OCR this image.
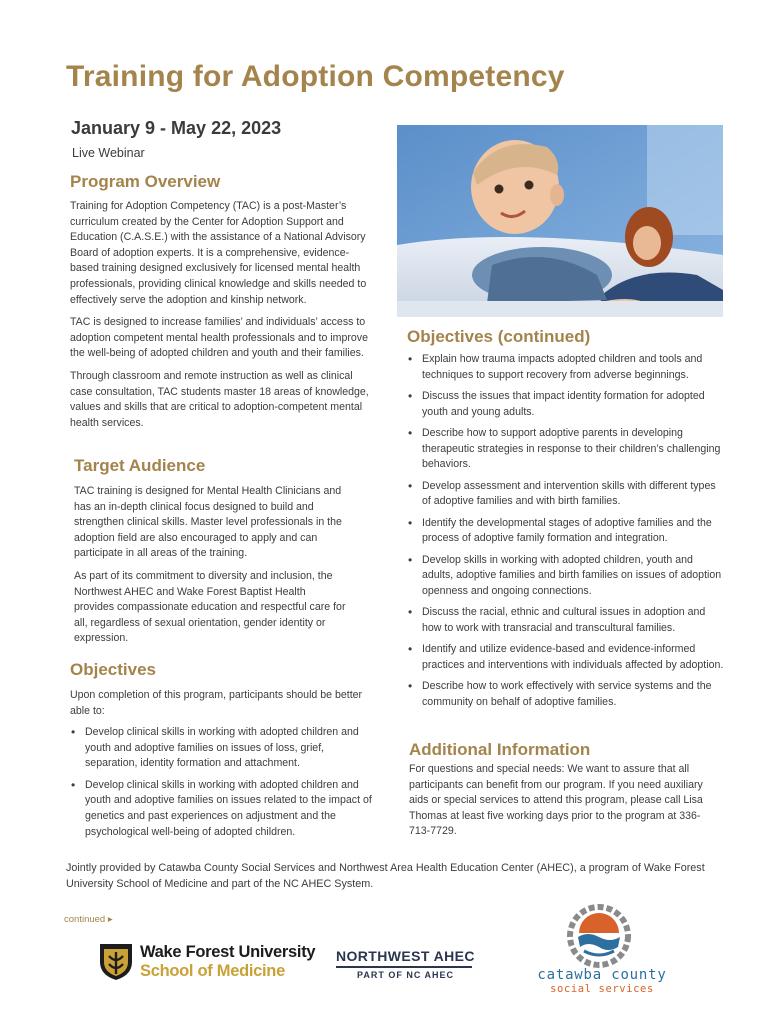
Training for Adoption Competency
January 9 - May 22, 2023
Live Webinar
Program Overview

Training for Adoption Competency (TAC) is a post-Master’s curriculum created by the Center for Adoption Support and Education (C.A.S.E.) with the assistance of a National Advisory Board of adoption experts. It is a comprehensive, evidence-based training designed exclusively for licensed mental health professionals, providing clinical knowledge and skills needed to effectively serve the adoption and kinship network.

TAC is designed to increase families’ and individuals’ access to adoption competent mental health professionals and to improve the well-being of adopted children and youth and their families.

Through classroom and remote instruction as well as clinical case consultation, TAC students master 18 areas of knowledge, values and skills that are critical to adoption-competent mental health services.

Target Audience

TAC training is designed for Mental Health Clinicians and has an in-depth clinical focus designed to build and strengthen clinical skills. Master level professionals in the adoption field are also encouraged to apply and can participate in all areas of the training.

As part of its commitment to diversity and inclusion, the Northwest AHEC and Wake Forest Baptist Health provides compassionate education and respectful care for all, regardless of sexual orientation, gender identity or expression.

Objectives

Upon completion of this program, participants should be better able to:

• Develop clinical skills in working with adopted children and youth and adoptive families on issues of loss, grief, separation, identity formation and attachment.
• Develop clinical skills in working with adopted children and youth and adoptive families on issues related to the impact of genetics and past experiences on adjustment and the psychological well-being of adopted children.
Objectives (continued)
• Explain how trauma impacts adopted children and tools and techniques to support recovery from adverse beginnings.
• Discuss the issues that impact identity formation for adopted youth and young adults.
• Describe how to support adoptive parents in developing therapeutic strategies in response to their children’s challenging behaviors.
• Develop assessment and intervention skills with different types of adoptive families and with birth families.
• Identify the developmental stages of adoptive families and the process of adoptive family formation and integration.
• Develop skills in working with adopted children, youth and adults, adoptive families and birth families on issues of adoption openness and ongoing connections.
• Discuss the racial, ethnic and cultural issues in adoption and how to work with transracial and transcultural families.
• Identify and utilize evidence-based and evidence-informed practices and interventions with individuals affected by adoption.
• Describe how to work effectively with service systems and the community on behalf of adoptive families.
Additional Information

For questions and special needs: We want to assure that all participants can benefit from our program. If you need auxiliary aids or special services to attend this program, please call Lisa Thomas at least five working days prior to the program at 336-713-7729.

Jointly provided by Catawba County Social Services and Northwest Area Health Education Center (AHEC), a program of Wake Forest University School of Medicine and part of the NC AHEC System.
continued ▸
Wake Forest University
School of Medicine
NORTHWEST AHEC
PART OF NC AHEC	catawba county
social services
